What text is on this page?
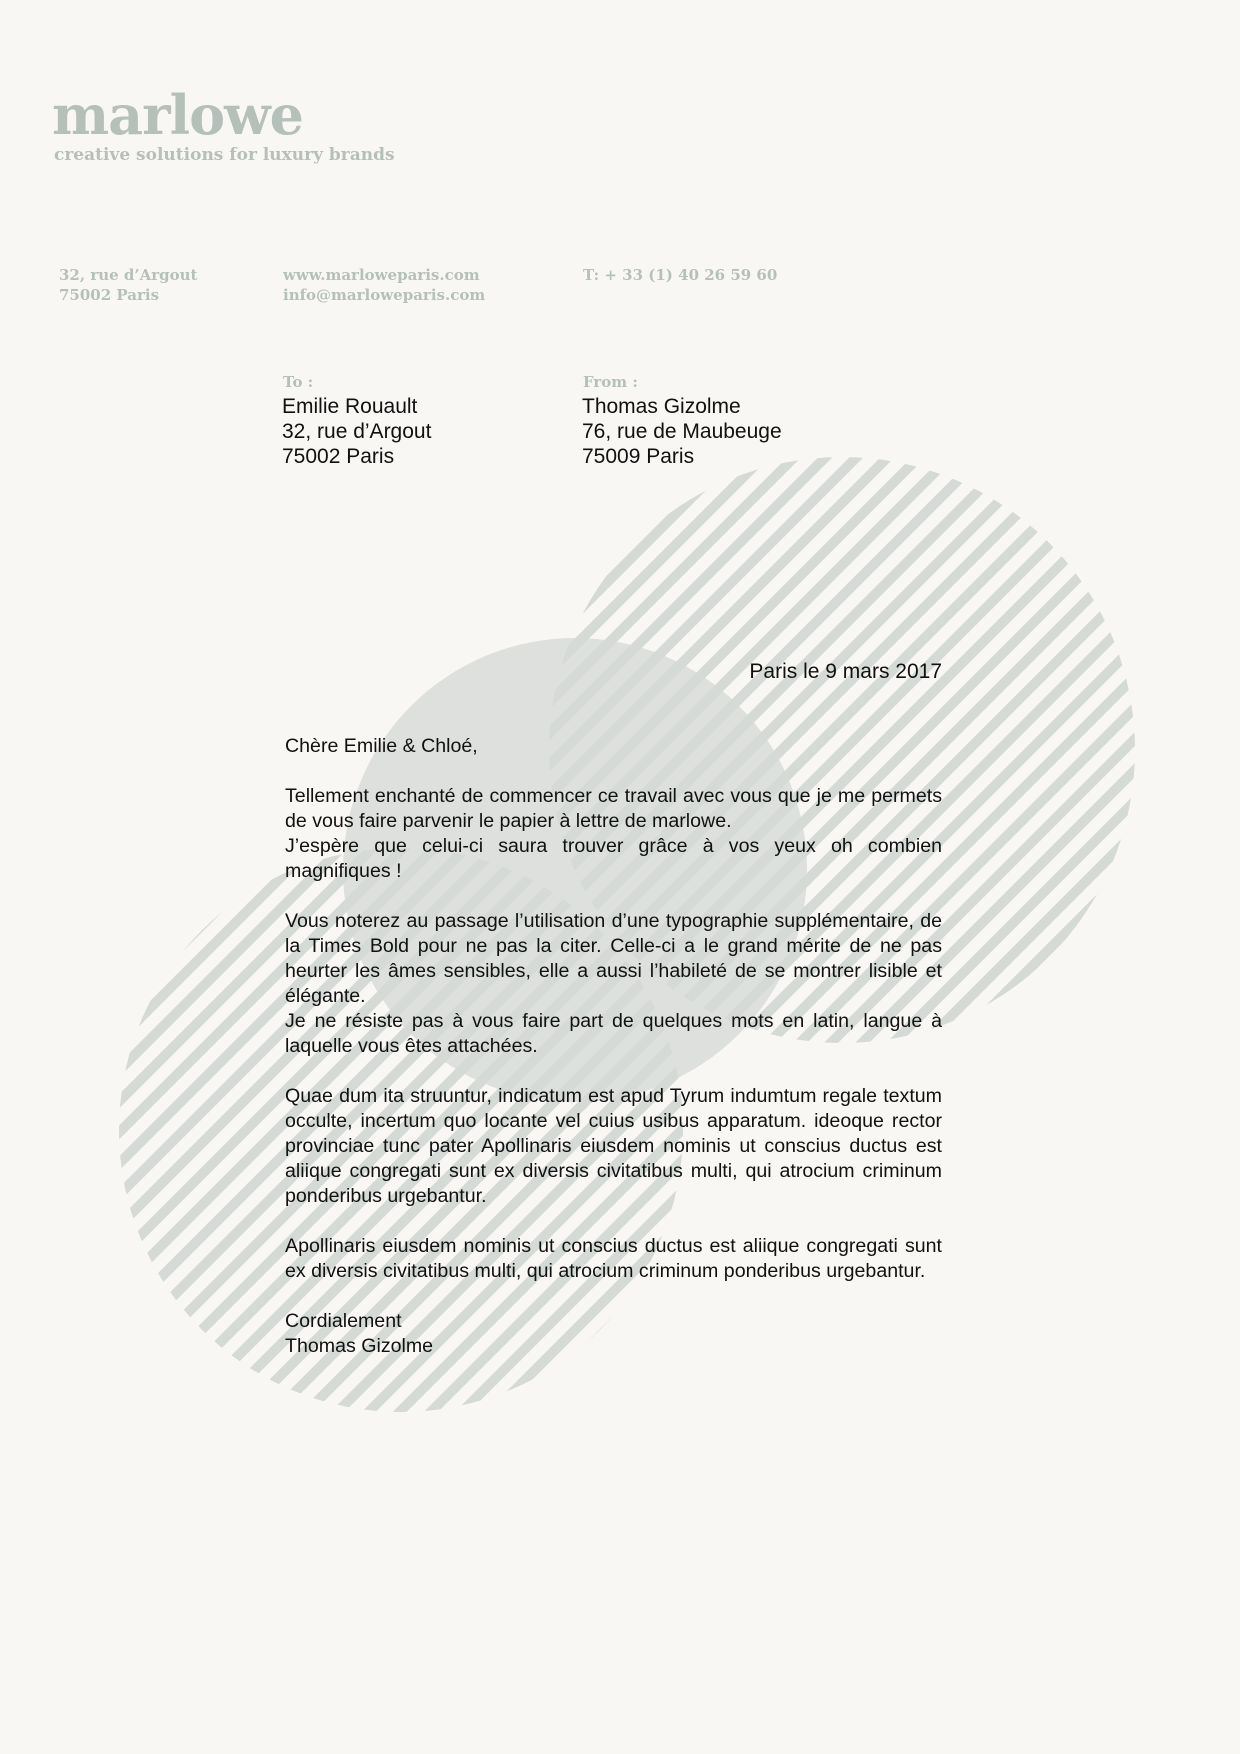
marlowe
creative solutions for luxury brands
32, rue d’Argout
75002 Paris
www.marloweparis.com
info@marloweparis.com
T: + 33 (1) 40 26 59 60
To :
Emilie Rouault
32, rue d’Argout
75002 Paris
From :
Thomas Gizolme
76, rue de Maubeuge
75009 Paris
Paris le 9 mars 2017

Chère Emilie & Chloé,

Tellement enchanté de commencer ce travail avec vous que je me permets de vous faire parvenir le papier à lettre de marlowe.
J’espère que celui-ci saura trouver grâce à vos yeux oh combien magnifiques !

Vous noterez au passage l’utilisation d’une typographie supplémentaire, de la Times Bold pour ne pas la citer. Celle-ci a le grand mérite de ne pas heurter les âmes sensibles, elle a aussi l’habileté de se montrer lisible et élégante.
Je ne résiste pas à vous faire part de quelques mots en latin, langue à laquelle vous êtes attachées.

Quae dum ita struuntur, indicatum est apud Tyrum indumtum regale textum occulte, incertum quo locante vel cuius usibus apparatum. ideoque rector provinciae tunc pater Apollinaris eiusdem nominis ut conscius ductus est aliique congregati sunt ex diversis civitatibus multi, qui atrocium criminum ponderibus urgebantur.

Apollinaris eiusdem nominis ut conscius ductus est aliique congregati sunt ex diversis civitatibus multi, qui atrocium criminum ponderibus urgebantur.

Cordialement
Thomas Gizolme
